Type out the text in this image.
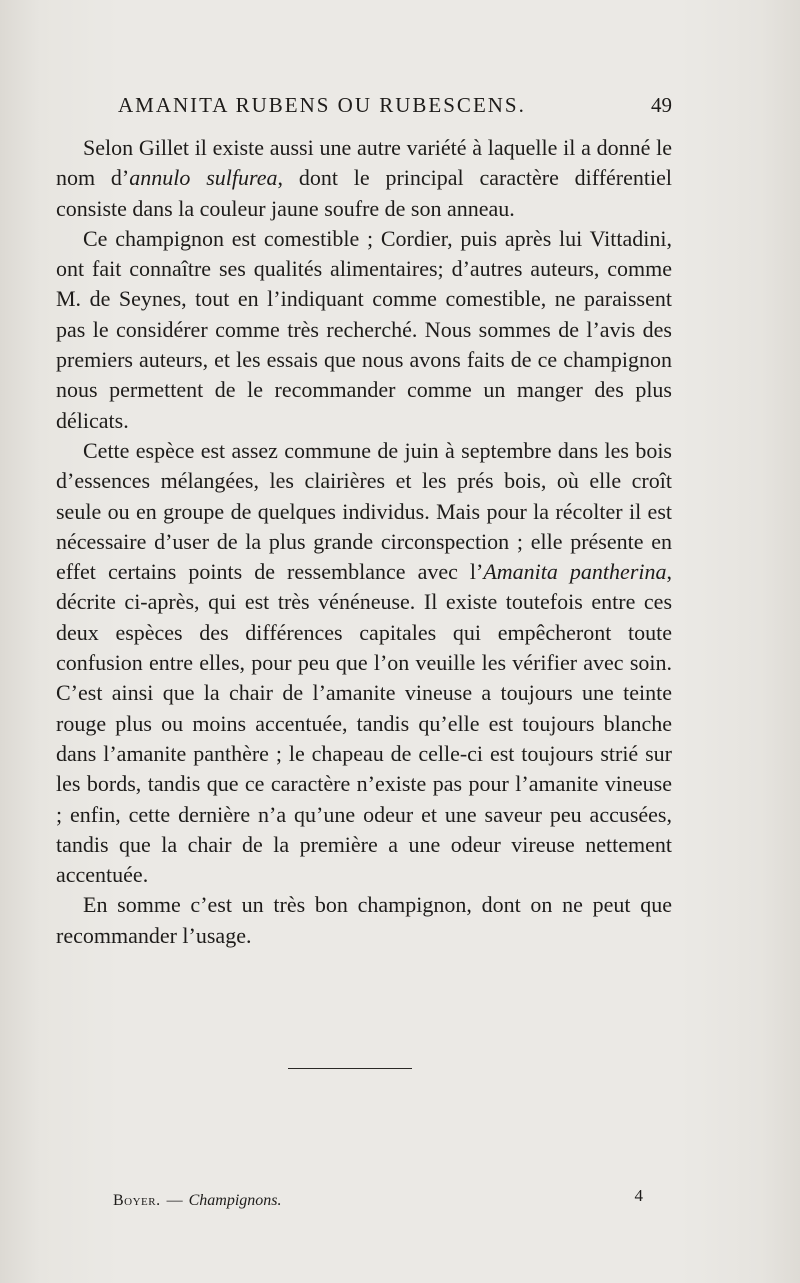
AMANITA RUBENS OU RUBESCENS.	49

Selon Gillet il existe aussi une autre variété à laquelle il a donné le nom d’annulo sulfurea, dont le principal caractère différentiel consiste dans la couleur jaune soufre de son anneau.

Ce champignon est comestible ; Cordier, puis après lui Vittadini, ont fait connaître ses qualités alimentaires; d’autres auteurs, comme M. de Seynes, tout en l’indiquant comme comestible, ne paraissent pas le considérer comme très recherché. Nous sommes de l’avis des premiers auteurs, et les essais que nous avons faits de ce champignon nous permettent de le recommander comme un manger des plus délicats.

Cette espèce est assez commune de juin à septembre dans les bois d’essences mélangées, les clairières et les prés bois, où elle croît seule ou en groupe de quelques individus. Mais pour la récolter il est nécessaire d’user de la plus grande circonspection ; elle présente en effet certains points de ressemblance avec l’Amanita pantherina, décrite ci-après, qui est très vénéneuse. Il existe toutefois entre ces deux espèces des différences capitales qui empêcheront toute confusion entre elles, pour peu que l’on veuille les vérifier avec soin. C’est ainsi que la chair de l’amanite vineuse a toujours une teinte rouge plus ou moins accentuée, tandis qu’elle est toujours blanche dans l’amanite panthère ; le chapeau de celle-ci est toujours strié sur les bords, tandis que ce caractère n’existe pas pour l’amanite vineuse ; enfin, cette dernière n’a qu’une odeur et une saveur peu accusées, tandis que la chair de la première a une odeur vireuse nettement accentuée.

En somme c’est un très bon champignon, dont on ne peut que recommander l’usage.

Boyer. — Champignons.	4
